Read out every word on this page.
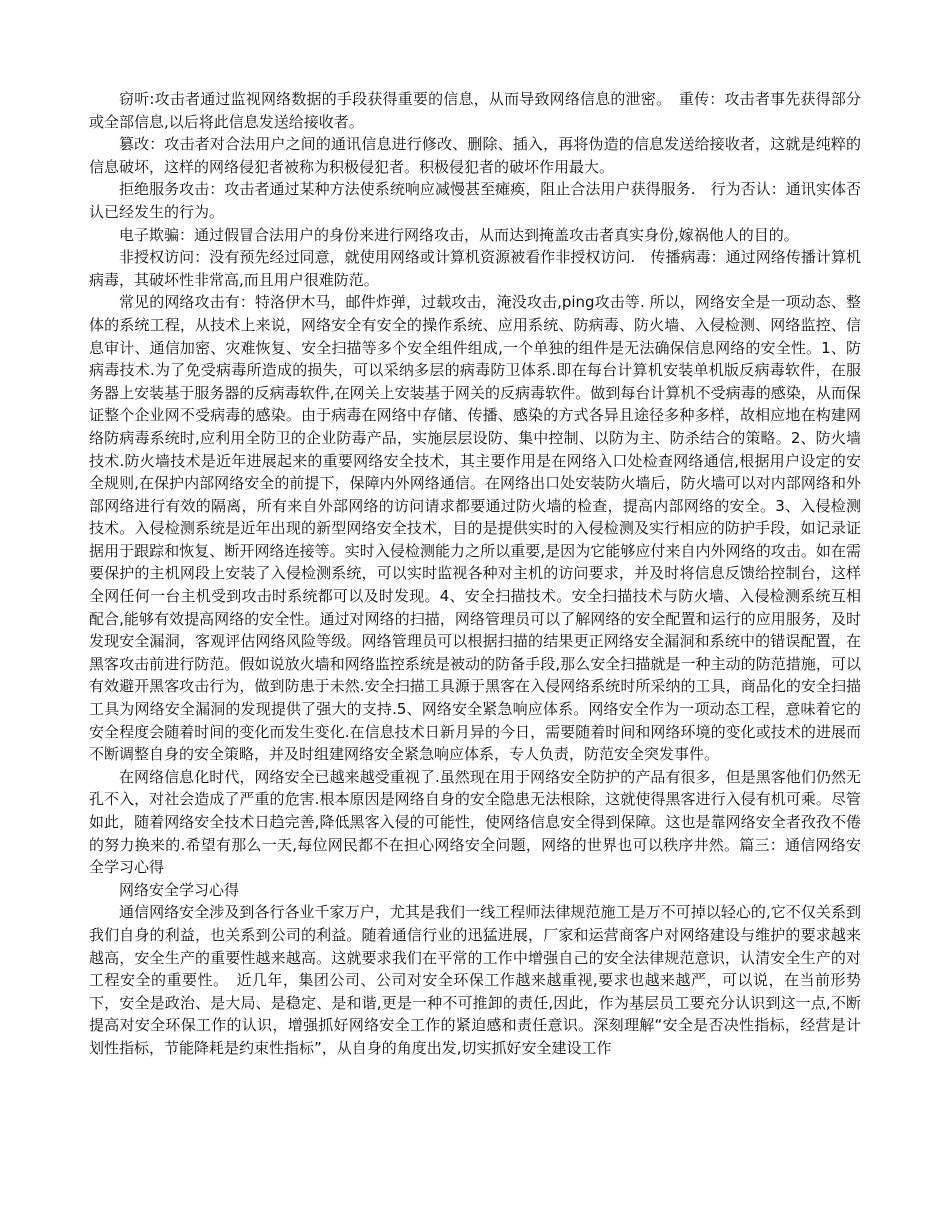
窃听:攻击者通过监视网络数据的手段获得重要的信息，从而导致网络信息的泄密。　重传：攻击者事先获得部分或全部信息,以后将此信息发送给接收者。

篡改：攻击者对合法用户之间的通讯信息进行修改、删除、插入，再将伪造的信息发送给接收者，这就是纯粹的信息破坏，这样的网络侵犯者被称为积极侵犯者。积极侵犯者的破坏作用最大。

拒绝服务攻击：攻击者通过某种方法使系统响应减慢甚至瘫痪，阻止合法用户获得服务.　行为否认：通讯实体否认已经发生的行为。

电子欺骗：通过假冒合法用户的身份来进行网络攻击，从而达到掩盖攻击者真实身份,嫁祸他人的目的。

非授权访问：没有预先经过同意，就使用网络或计算机资源被看作非授权访问.　传播病毒：通过网络传播计算机病毒，其破坏性非常高,而且用户很难防范。

常见的网络攻击有：特洛伊木马，邮件炸弹，过载攻击，淹没攻击,ping攻击等. 所以，网络安全是一项动态、整体的系统工程，从技术上来说，网络安全有安全的操作系统、应用系统、防病毒、防火墙、入侵检测、网络监控、信息审计、通信加密、灾难恢复、安全扫描等多个安全组件组成,一个单独的组件是无法确保信息网络的安全性。1、防病毒技术.为了免受病毒所造成的损失，可以采纳多层的病毒防卫体系.即在每台计算机安装单机版反病毒软件，在服务器上安装基于服务器的反病毒软件,在网关上安装基于网关的反病毒软件。做到每台计算机不受病毒的感染，从而保证整个企业网不受病毒的感染。由于病毒在网络中存储、传播、感染的方式各异且途径多种多样，故相应地在构建网络防病毒系统时,应利用全防卫的企业防毒产品，实施层层设防、集中控制、以防为主、防杀结合的策略。2、防火墙技术.防火墙技术是近年进展起来的重要网络安全技术，其主要作用是在网络入口处检查网络通信,根据用户设定的安全规则,在保护内部网络安全的前提下，保障内外网络通信。在网络出口处安装防火墙后，防火墙可以对内部网络和外部网络进行有效的隔离，所有来自外部网络的访问请求都要通过防火墙的检查，提高内部网络的安全。3、入侵检测技术。入侵检测系统是近年出现的新型网络安全技术，目的是提供实时的入侵检测及实行相应的防护手段，如记录证据用于跟踪和恢复、断开网络连接等。实时入侵检测能力之所以重要,是因为它能够应付来自内外网络的攻击。如在需要保护的主机网段上安装了入侵检测系统，可以实时监视各种对主机的访问要求，并及时将信息反馈给控制台，这样全网任何一台主机受到攻击时系统都可以及时发现。4、安全扫描技术。安全扫描技术与防火墙、入侵检测系统互相配合,能够有效提高网络的安全性。通过对网络的扫描，网络管理员可以了解网络的安全配置和运行的应用服务，及时发现安全漏洞，客观评估网络风险等级。网络管理员可以根据扫描的结果更正网络安全漏洞和系统中的错误配置，在黑客攻击前进行防范。假如说放火墙和网络监控系统是被动的防备手段,那么安全扫描就是一种主动的防范措施，可以有效避开黑客攻击行为，做到防患于未然.安全扫描工具源于黑客在入侵网络系统时所采纳的工具，商品化的安全扫描工具为网络安全漏洞的发现提供了强大的支持.5、网络安全紧急响应体系。网络安全作为一项动态工程，意味着它的安全程度会随着时间的变化而发生变化.在信息技术日新月异的今日，需要随着时间和网络环境的变化或技术的进展而不断调整自身的安全策略，并及时组建网络安全紧急响应体系，专人负责，防范安全突发事件。

在网络信息化时代，网络安全已越来越受重视了.虽然现在用于网络安全防护的产品有很多，但是黑客他们仍然无孔不入，对社会造成了严重的危害.根本原因是网络自身的安全隐患无法根除，这就使得黑客进行入侵有机可乘。尽管如此，随着网络安全技术日趋完善,降低黑客入侵的可能性，使网络信息安全得到保障。这也是靠网络安全者孜孜不倦的努力换来的.希望有那么一天,每位网民都不在担心网络安全问题，网络的世界也可以秩序井然。篇三：通信网络安全学习心得

网络安全学习心得

通信网络安全涉及到各行各业千家万户，尤其是我们一线工程师法律规范施工是万不可掉以轻心的,它不仅关系到我们自身的利益，也关系到公司的利益。随着通信行业的迅猛进展，厂家和运营商客户对网络建设与维护的要求越来越高，安全生产的重要性越来越高。这就要求我们在平常的工作中增强自己的安全法律规范意识，认清安全生产的对工程安全的重要性。　近几年，集团公司、公司对安全环保工作越来越重视,要求也越来越严，可以说，在当前形势下，安全是政治、是大局、是稳定、是和谐,更是一种不可推卸的责任,因此，作为基层员工要充分认识到这一点,不断提高对安全环保工作的认识，增强抓好网络安全工作的紧迫感和责任意识。深刻理解“安全是否决性指标，经营是计划性指标，节能降耗是约束性指标”，从自身的角度出发,切实抓好安全建设工作
